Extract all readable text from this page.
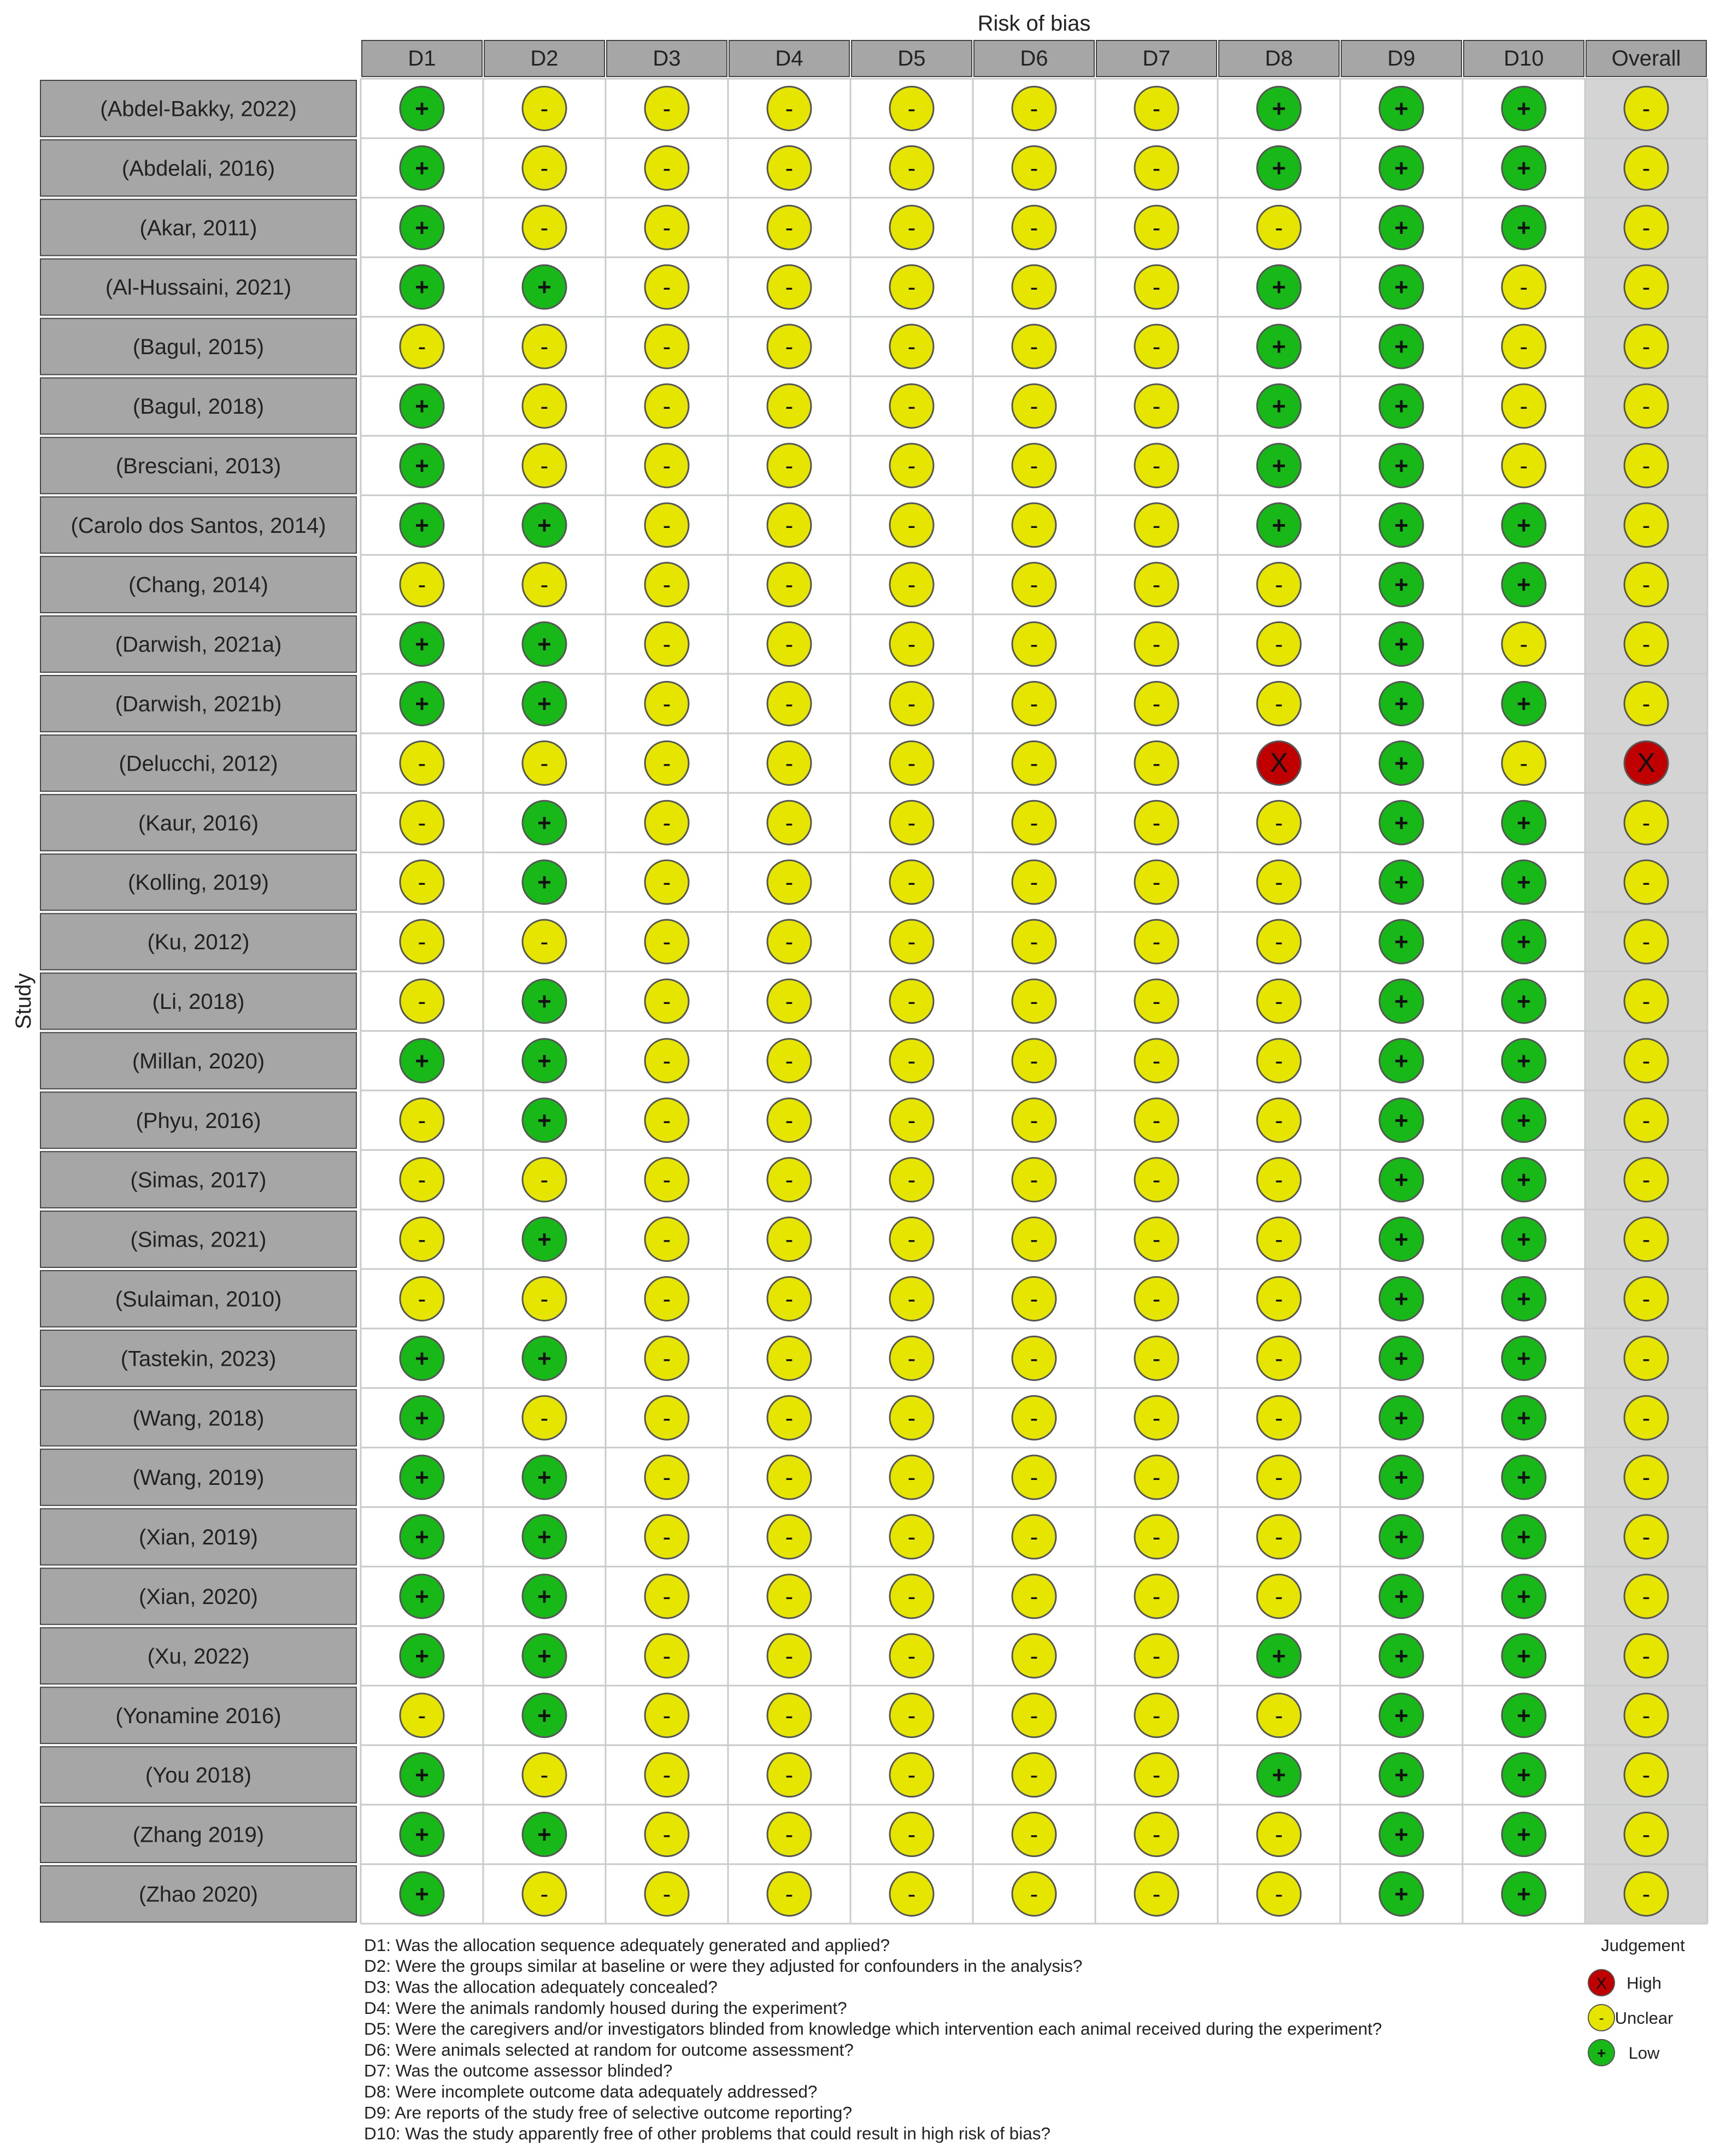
Risk of bias
Study
D1	D2	D3	D4	D5	D6	D7	D8	D9	D10	Overall
(Abdel-Bakky, 2022)	+	-	-	-	-	-	-	+	+	+	-
(Abdelali, 2016)	+	-	-	-	-	-	-	+	+	+	-
(Akar, 2011)	+	-	-	-	-	-	-	-	+	+	-
(Al-Hussaini, 2021)	+	+	-	-	-	-	-	+	+	-	-
(Bagul, 2015)	-	-	-	-	-	-	-	+	+	-	-
(Bagul, 2018)	+	-	-	-	-	-	-	+	+	-	-
(Bresciani, 2013)	+	-	-	-	-	-	-	+	+	-	-
(Carolo dos Santos, 2014)	+	+	-	-	-	-	-	+	+	+	-
(Chang, 2014)	-	-	-	-	-	-	-	-	+	+	-
(Darwish, 2021a)	+	+	-	-	-	-	-	-	+	-	-
(Darwish, 2021b)	+	+	-	-	-	-	-	-	+	+	-
(Delucchi, 2012)	-	-	-	-	-	-	-	X	+	-	X
(Kaur, 2016)	-	+	-	-	-	-	-	-	+	+	-
(Kolling, 2019)	-	+	-	-	-	-	-	-	+	+	-
(Ku, 2012)	-	-	-	-	-	-	-	-	+	+	-
(Li, 2018)	-	+	-	-	-	-	-	-	+	+	-
(Millan, 2020)	+	+	-	-	-	-	-	-	+	+	-
(Phyu, 2016)	-	+	-	-	-	-	-	-	+	+	-
(Simas, 2017)	-	-	-	-	-	-	-	-	+	+	-
(Simas, 2021)	-	+	-	-	-	-	-	-	+	+	-
(Sulaiman, 2010)	-	-	-	-	-	-	-	-	+	+	-
(Tastekin, 2023)	+	+	-	-	-	-	-	-	+	+	-
(Wang, 2018)	+	-	-	-	-	-	-	-	+	+	-
(Wang, 2019)	+	+	-	-	-	-	-	-	+	+	-
(Xian, 2019)	+	+	-	-	-	-	-	-	+	+	-
(Xian, 2020)	+	+	-	-	-	-	-	-	+	+	-
(Xu, 2022)	+	+	-	-	-	-	-	+	+	+	-
(Yonamine 2016)	-	+	-	-	-	-	-	-	+	+	-
(You 2018)	+	-	-	-	-	-	-	+	+	+	-
(Zhang 2019)	+	+	-	-	-	-	-	-	+	+	-
(Zhao 2020)	+	-	-	-	-	-	-	-	+	+	-
D1: Was the allocation sequence adequately generated and applied?
D2: Were the groups similar at baseline or were they adjusted for confounders in the analysis?
D3: Was the allocation adequately concealed?
D4: Were the animals randomly housed during the experiment?
D5: Were the caregivers and/or investigators blinded from knowledge which intervention each animal received during the experiment?
D6: Were animals selected at random for outcome assessment?
D7: Was the outcome assessor blinded?
D8: Were incomplete outcome data adequately addressed?
D9: Are reports of the study free of selective outcome reporting?
D10: Was the study apparently free of other problems that could result in high risk of bias?
Judgement
X High
- Unclear
+ Low
